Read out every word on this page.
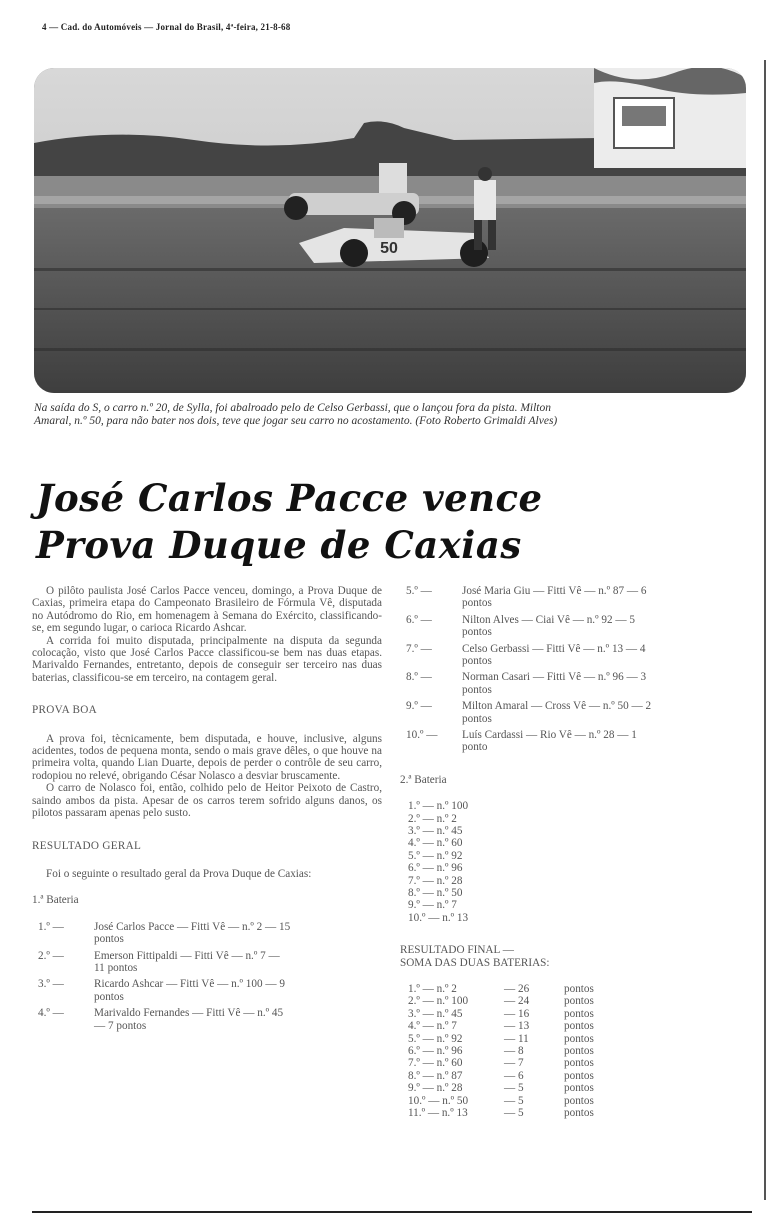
4 — Cad. do Automóveis — Jornal do Brasil, 4ª-feira, 21-8-68
50
Na saída do S, o carro n.º 20, de Sylla, foi abalroado pelo de Celso Gerbassi, que o lançou fora da pista. Milton Amaral, n.º 50, para não bater nos dois, teve que jogar seu carro no acostamento. (Foto Roberto Grimaldi Alves)
José Carlos Pacce vence
Prova Duque de Caxias

O pilôto paulista José Carlos Pacce venceu, domingo, a Prova Duque de Caxias, primeira etapa do Campeonato Brasileiro de Fórmula Vê, disputada no Autódromo do Rio, em homenagem à Semana do Exército, classificando-se, em segundo lugar, o carioca Ricardo Ashcar.

A corrida foi muito disputada, principalmente na disputa da segunda colocação, visto que José Carlos Pacce classificou-se bem nas duas etapas. Marivaldo Fernandes, entretanto, depois de conseguir ser terceiro nas duas baterias, classificou-se em terceiro, na contagem geral.

PROVA BOA

A prova foi, tècnicamente, bem disputada, e houve, inclusive, alguns acidentes, todos de pequena monta, sendo o mais grave dêles, o que houve na primeira volta, quando Lian Duarte, depois de perder o contrôle de seu carro, rodopiou no relevé, obrigando César Nolasco a desviar bruscamente.

O carro de Nolasco foi, então, colhido pelo de Heitor Peixoto de Castro, saindo ambos da pista. Apesar de os carros terem sofrido alguns danos, os pilotos passaram apenas pelo susto.

RESULTADO GERAL

Foi o seguinte o resultado geral da Prova Duque de Caxias:

1.ª Bateria
1.º —	José Carlos Pacce — Fitti Vê — n.º 2 — 15
pontos
2.º —	Emerson Fittipaldi — Fitti Vê — n.º 7 —
11 pontos
3.º —	Ricardo Ashcar — Fitti Vê — n.º 100 — 9
pontos
4.º —	Marivaldo Fernandes — Fitti Vê — n.º 45
— 7 pontos
5.º —	José Maria Giu — Fitti Vê — n.º 87 — 6
pontos
6.º —	Nilton Alves — Ciai Vê — n.º 92 — 5
pontos
7.º —	Celso Gerbassi — Fitti Vê — n.º 13 — 4
pontos
8.º —	Norman Casari — Fitti Vê — n.º 96 — 3
pontos
9.º —	Milton Amaral — Cross Vê — n.º 50 — 2
pontos
10.º —	Luís Cardassi — Rio Vê — n.º 28 — 1
ponto
2.ª Bateria
1.º — n.º 100
2.º — n.º 2
3.º — n.º 45
4.º — n.º 60
5.º — n.º 92
6.º — n.º 96
7.º — n.º 28
8.º — n.º 50
9.º — n.º 7
10.º — n.º 13
RESULTADO FINAL —
SOMA DAS DUAS BATERIAS:
1.º — n.º 2	— 26	pontos
2.º — n.º 100	— 24	pontos
3.º — n.º 45	— 16	pontos
4.º — n.º 7	— 13	pontos
5.º — n.º 92	— 11	pontos
6.º — n.º 96	— 8	pontos
7.º — n.º 60	— 7	pontos
8.º — n.º 87	— 6	pontos
9.º — n.º 28	— 5	pontos
10.º — n.º 50	— 5	pontos
11.º — n.º 13	— 5	pontos
